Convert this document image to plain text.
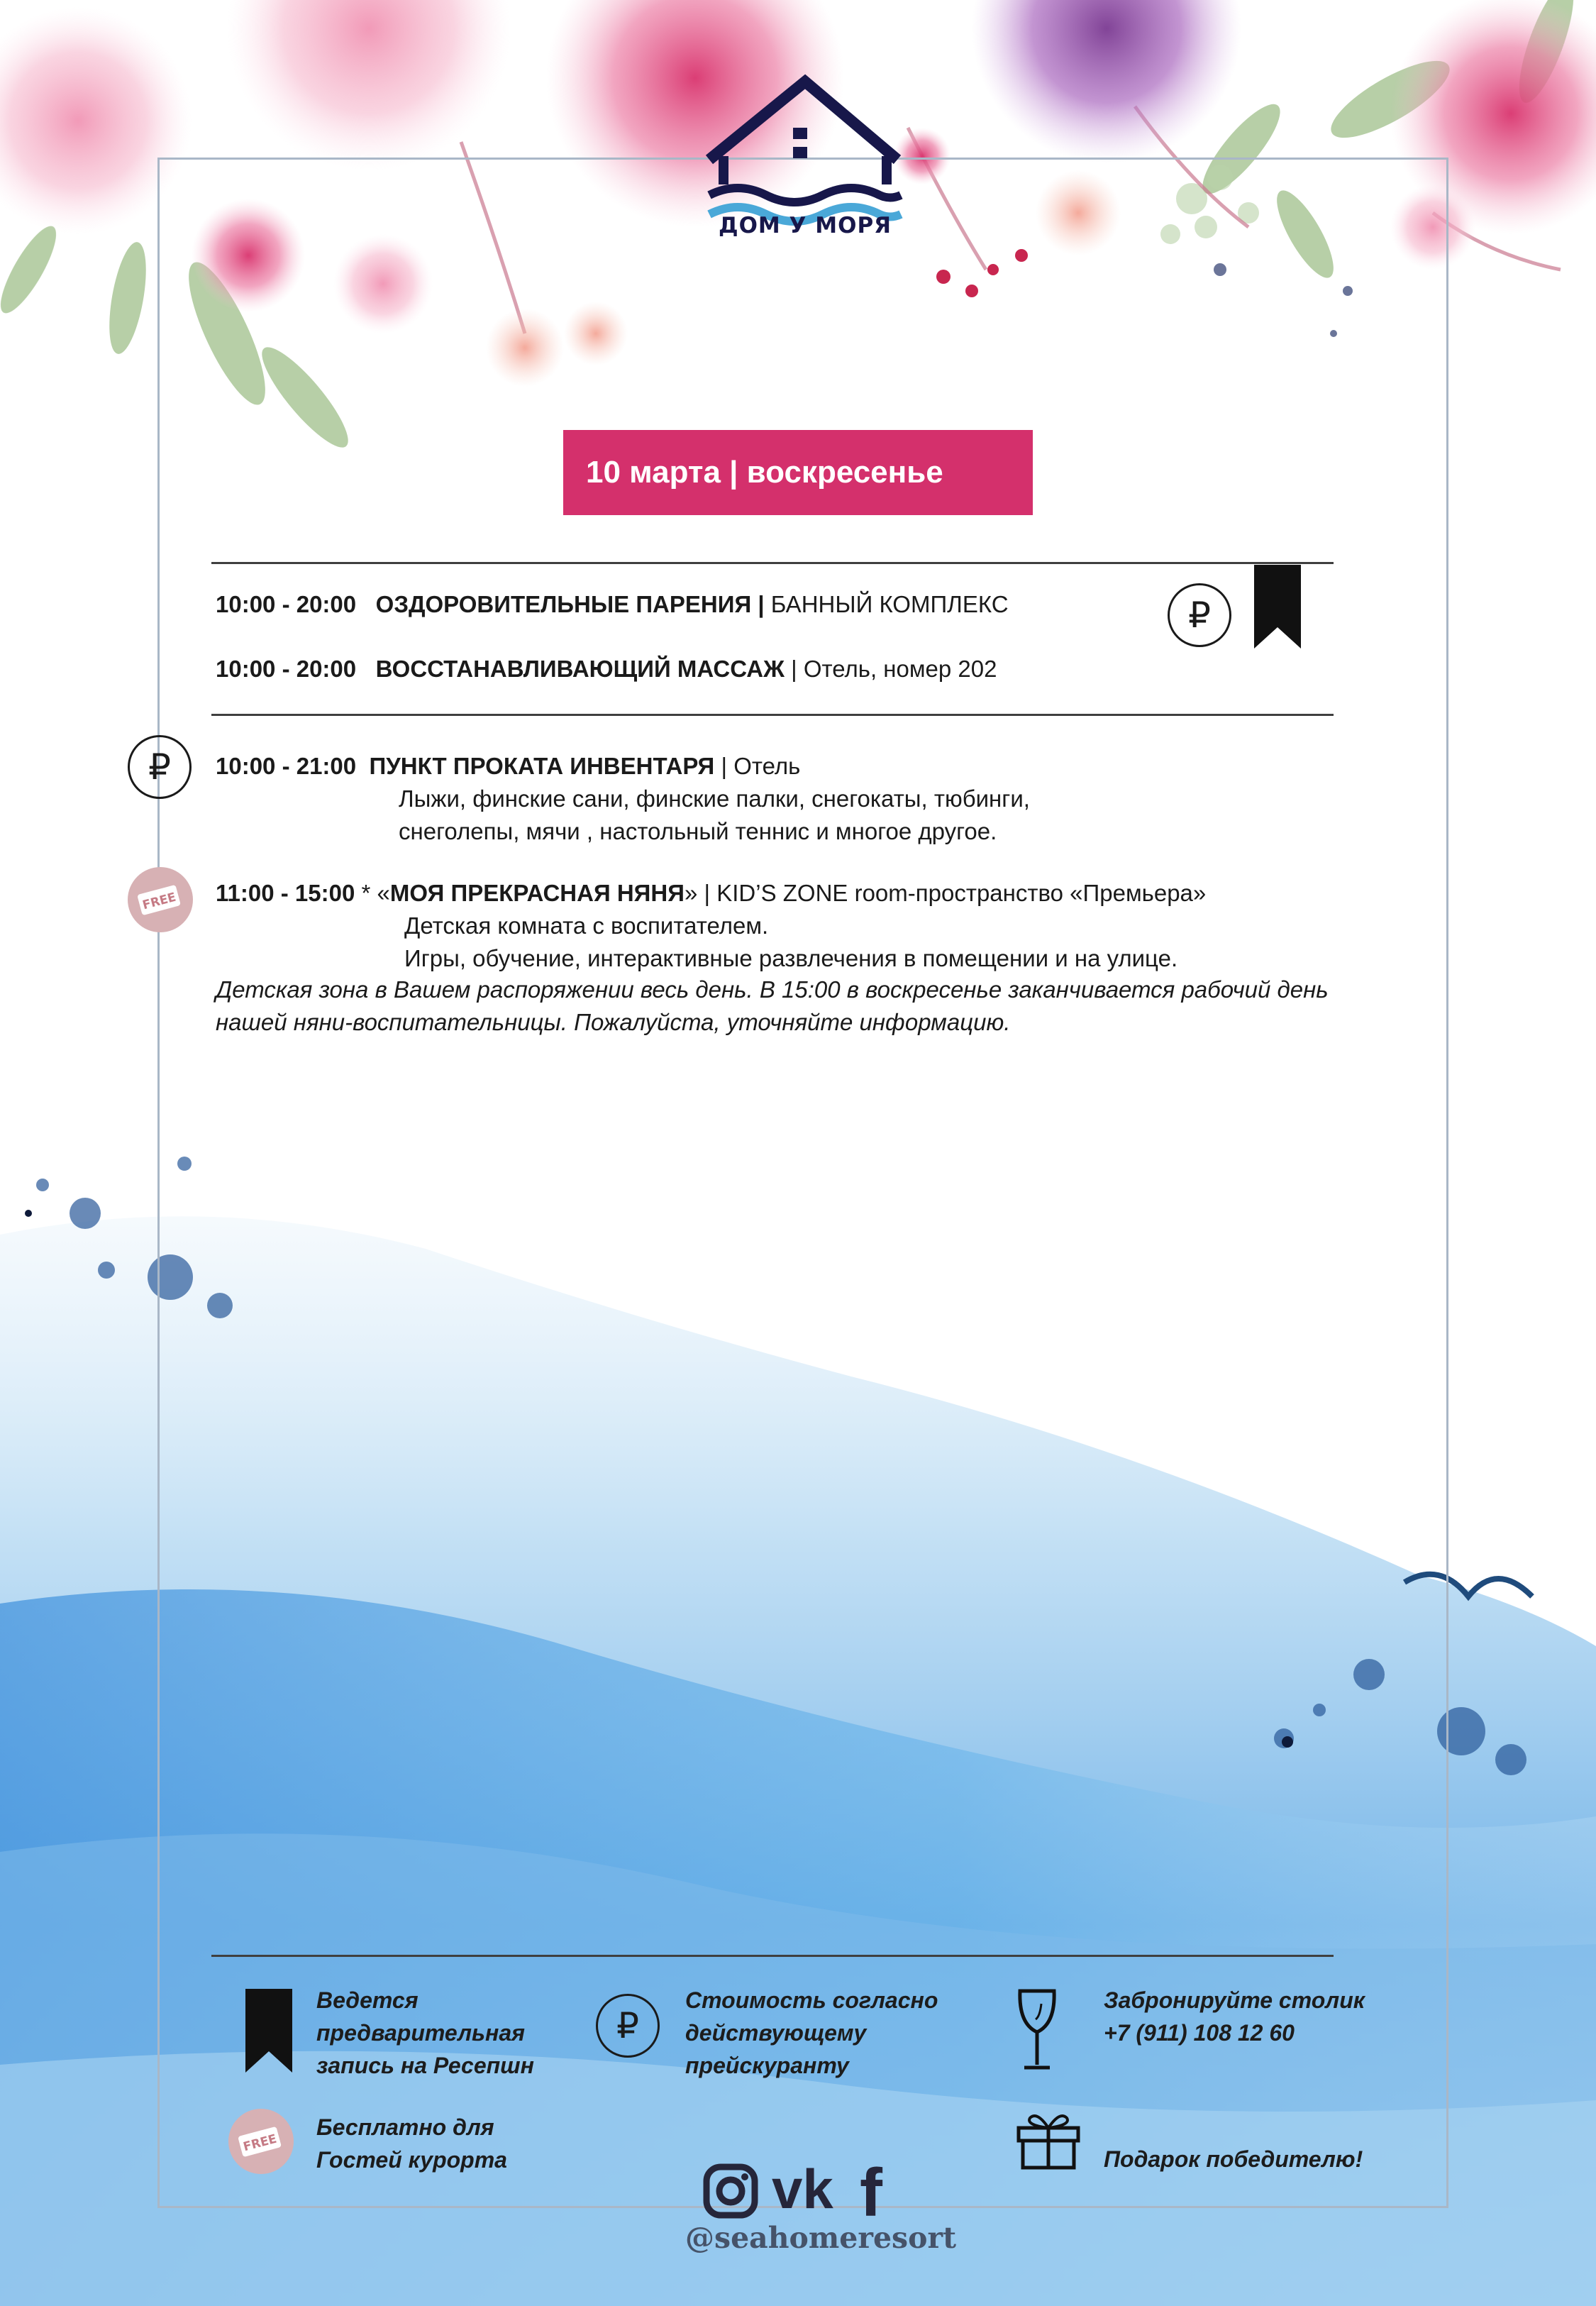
ДОМ У МОРЯ
10 марта | воскресенье
10:00 - 20:00 ОЗДОРОВИТЕЛЬНЫЕ ПАРЕНИЯ | БАННЫЙ КОМПЛЕКС
10:00 - 20:00 ВОССТАНАВЛИВАЮЩИЙ МАССАЖ | Отель, номер 202
₽
₽ 10:00 - 21:00 ПУНКТ ПРОКАТА ИНВЕНТАРЯ | Отель
Лыжи, финские сани, финские палки, снегокаты, тюбинги,
снеголепы, мячи , настольный теннис и многое другое.
FREE 11:00 - 15:00 * «МОЯ ПРЕКРАСНАЯ НЯНЯ» | KID’S ZONE room-пространство «Премьера»
Детская комната с воспитателем.
Игры, обучение, интерактивные развлечения в помещении и на улице.
Детская зона в Вашем распоряжении весь день. В 15:00 в воскресенье заканчивается рабочий день
нашей няни-воспитательницы. Пожалуйста, уточняйте информацию.
Ведется
предварительная
запись на Ресепшн
₽
Стоимость согласно
действующему
прейскуранту
Забронируйте столик
+7 (911) 108 12 60
FREE
Бесплатно для
Гостей курорта	Подарок победителю!
vk f
@seahomeresort
